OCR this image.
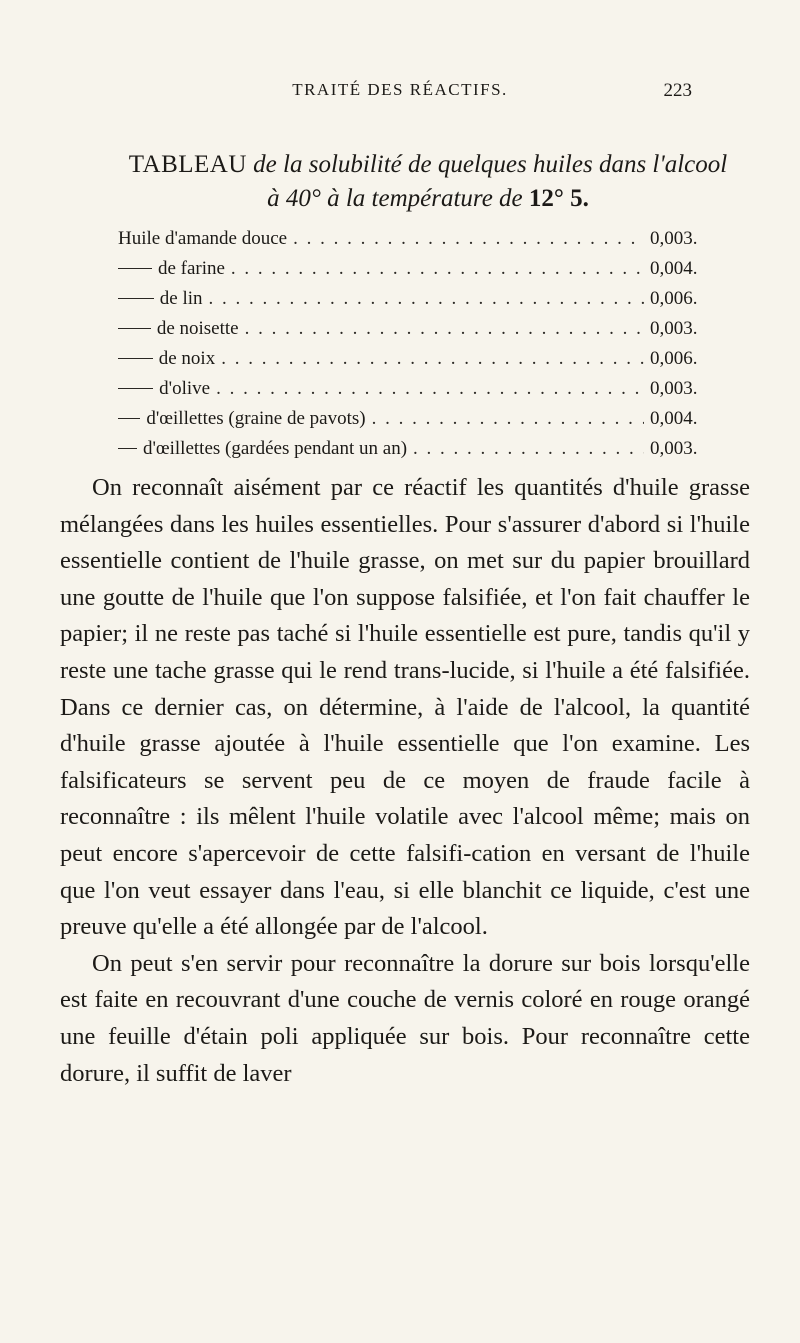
TRAITÉ DES RÉACTIFS.	223
TABLEAU de la solubilité de quelques huiles dans l'alcool
à 40° à la température de 12° 5.
Huile d'amande douce . . .	0,003.
de farine . . .	0,004.
de lin . . .	0,006.
de noisette . . .	0,003.
de noix . . .	0,006.
d'olive . . .	0,003.
d'œillettes (graine de pavots) . . .	0,004.
d'œillettes (gardées pendant un an) . . .	0,003.

On reconnaît aisément par ce réactif les quantités d'huile grasse mélangées dans les huiles essentielles. Pour s'assurer d'abord si l'huile essentielle contient de l'huile grasse, on met sur du papier brouillard une goutte de l'huile que l'on suppose falsifiée, et l'on fait chauffer le papier; il ne reste pas taché si l'huile essentielle est pure, tandis qu'il y reste une tache grasse qui le rend trans-lucide, si l'huile a été falsifiée. Dans ce dernier cas, on détermine, à l'aide de l'alcool, la quantité d'huile grasse ajoutée à l'huile essentielle que l'on examine. Les falsificateurs se servent peu de ce moyen de fraude facile à reconnaître : ils mêlent l'huile volatile avec l'alcool même; mais on peut encore s'apercevoir de cette falsifi-cation en versant de l'huile que l'on veut essayer dans l'eau, si elle blanchit ce liquide, c'est une preuve qu'elle a été allongée par de l'alcool.

On peut s'en servir pour reconnaître la dorure sur bois lorsqu'elle est faite en recouvrant d'une couche de vernis coloré en rouge orangé une feuille d'étain poli appliquée sur bois. Pour reconnaître cette dorure, il suffit de laver
